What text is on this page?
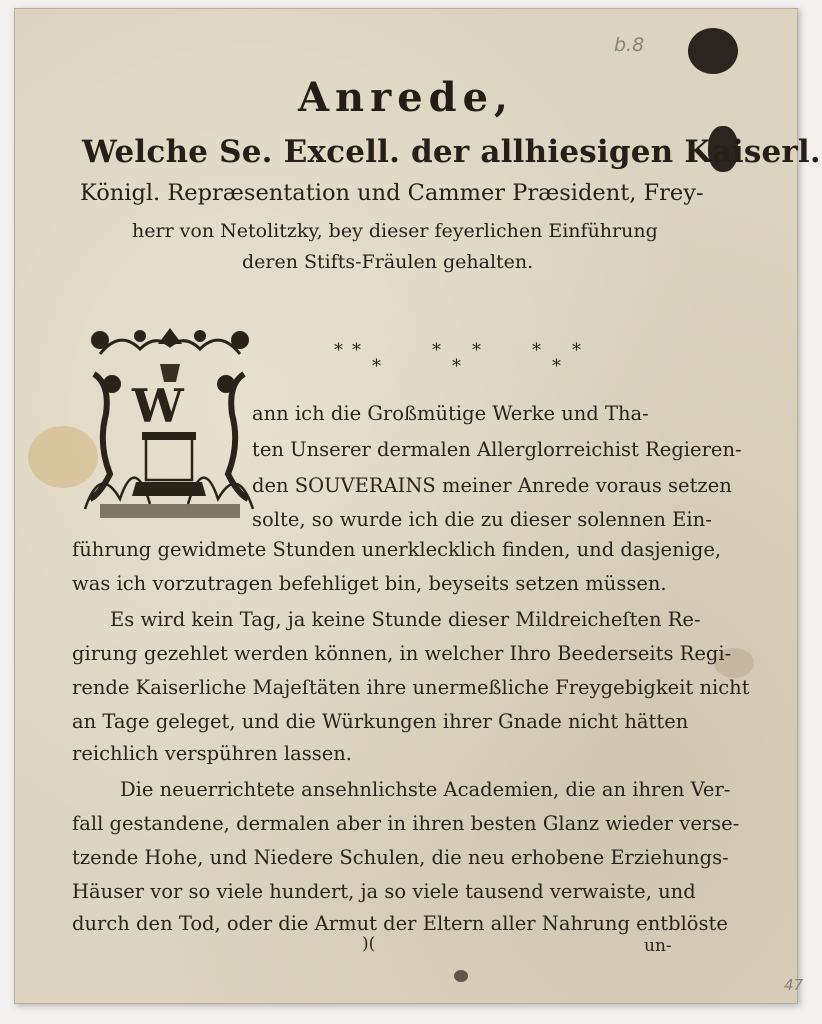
b.8
Anrede,
Welche Se. Excell. der allhiesigen Kaiserl.
Königl. Repræsentation und Cammer Præsident, Frey-
herr von Netolitzky, bey dieser feyerlichen Einführung
deren Stifts-Fräulen gehalten.
* *
*
*
*
*	*
*
*
W	ann ich die Großmütige Werke und Tha-
ten Unserer dermalen Allerglorreichist Regieren-
den SOUVERAINS meiner Anrede voraus setzen
solte, so wurde ich die zu dieser solennen Ein-
führung gewidmete Stunden unerklecklich finden, und dasjenige,
was ich vorzutragen befehliget bin, beyseits setzen müssen.
Es wird kein Tag, ja keine Stunde dieser Mildreicheſten Re-
girung gezehlet werden können, in welcher Ihro Beederseits Regi-
rende Kaiserliche Majeſtäten ihre unermeßliche Freygebigkeit nicht
an Tage geleget, und die Würkungen ihrer Gnade nicht hätten
reichlich verspühren lassen.
Die neuerrichtete ansehnlichste Academien, die an ihren Ver-
fall gestandene, dermalen aber in ihren besten Glanz wieder verse-
tzende Hohe, und Niedere Schulen, die neu erhobene Erziehungs-
Häuser vor so viele hundert, ja so viele tausend verwaiste, und
durch den Tod, oder die Armut der Eltern aller Nahrung entblöste
)(	un-
47
